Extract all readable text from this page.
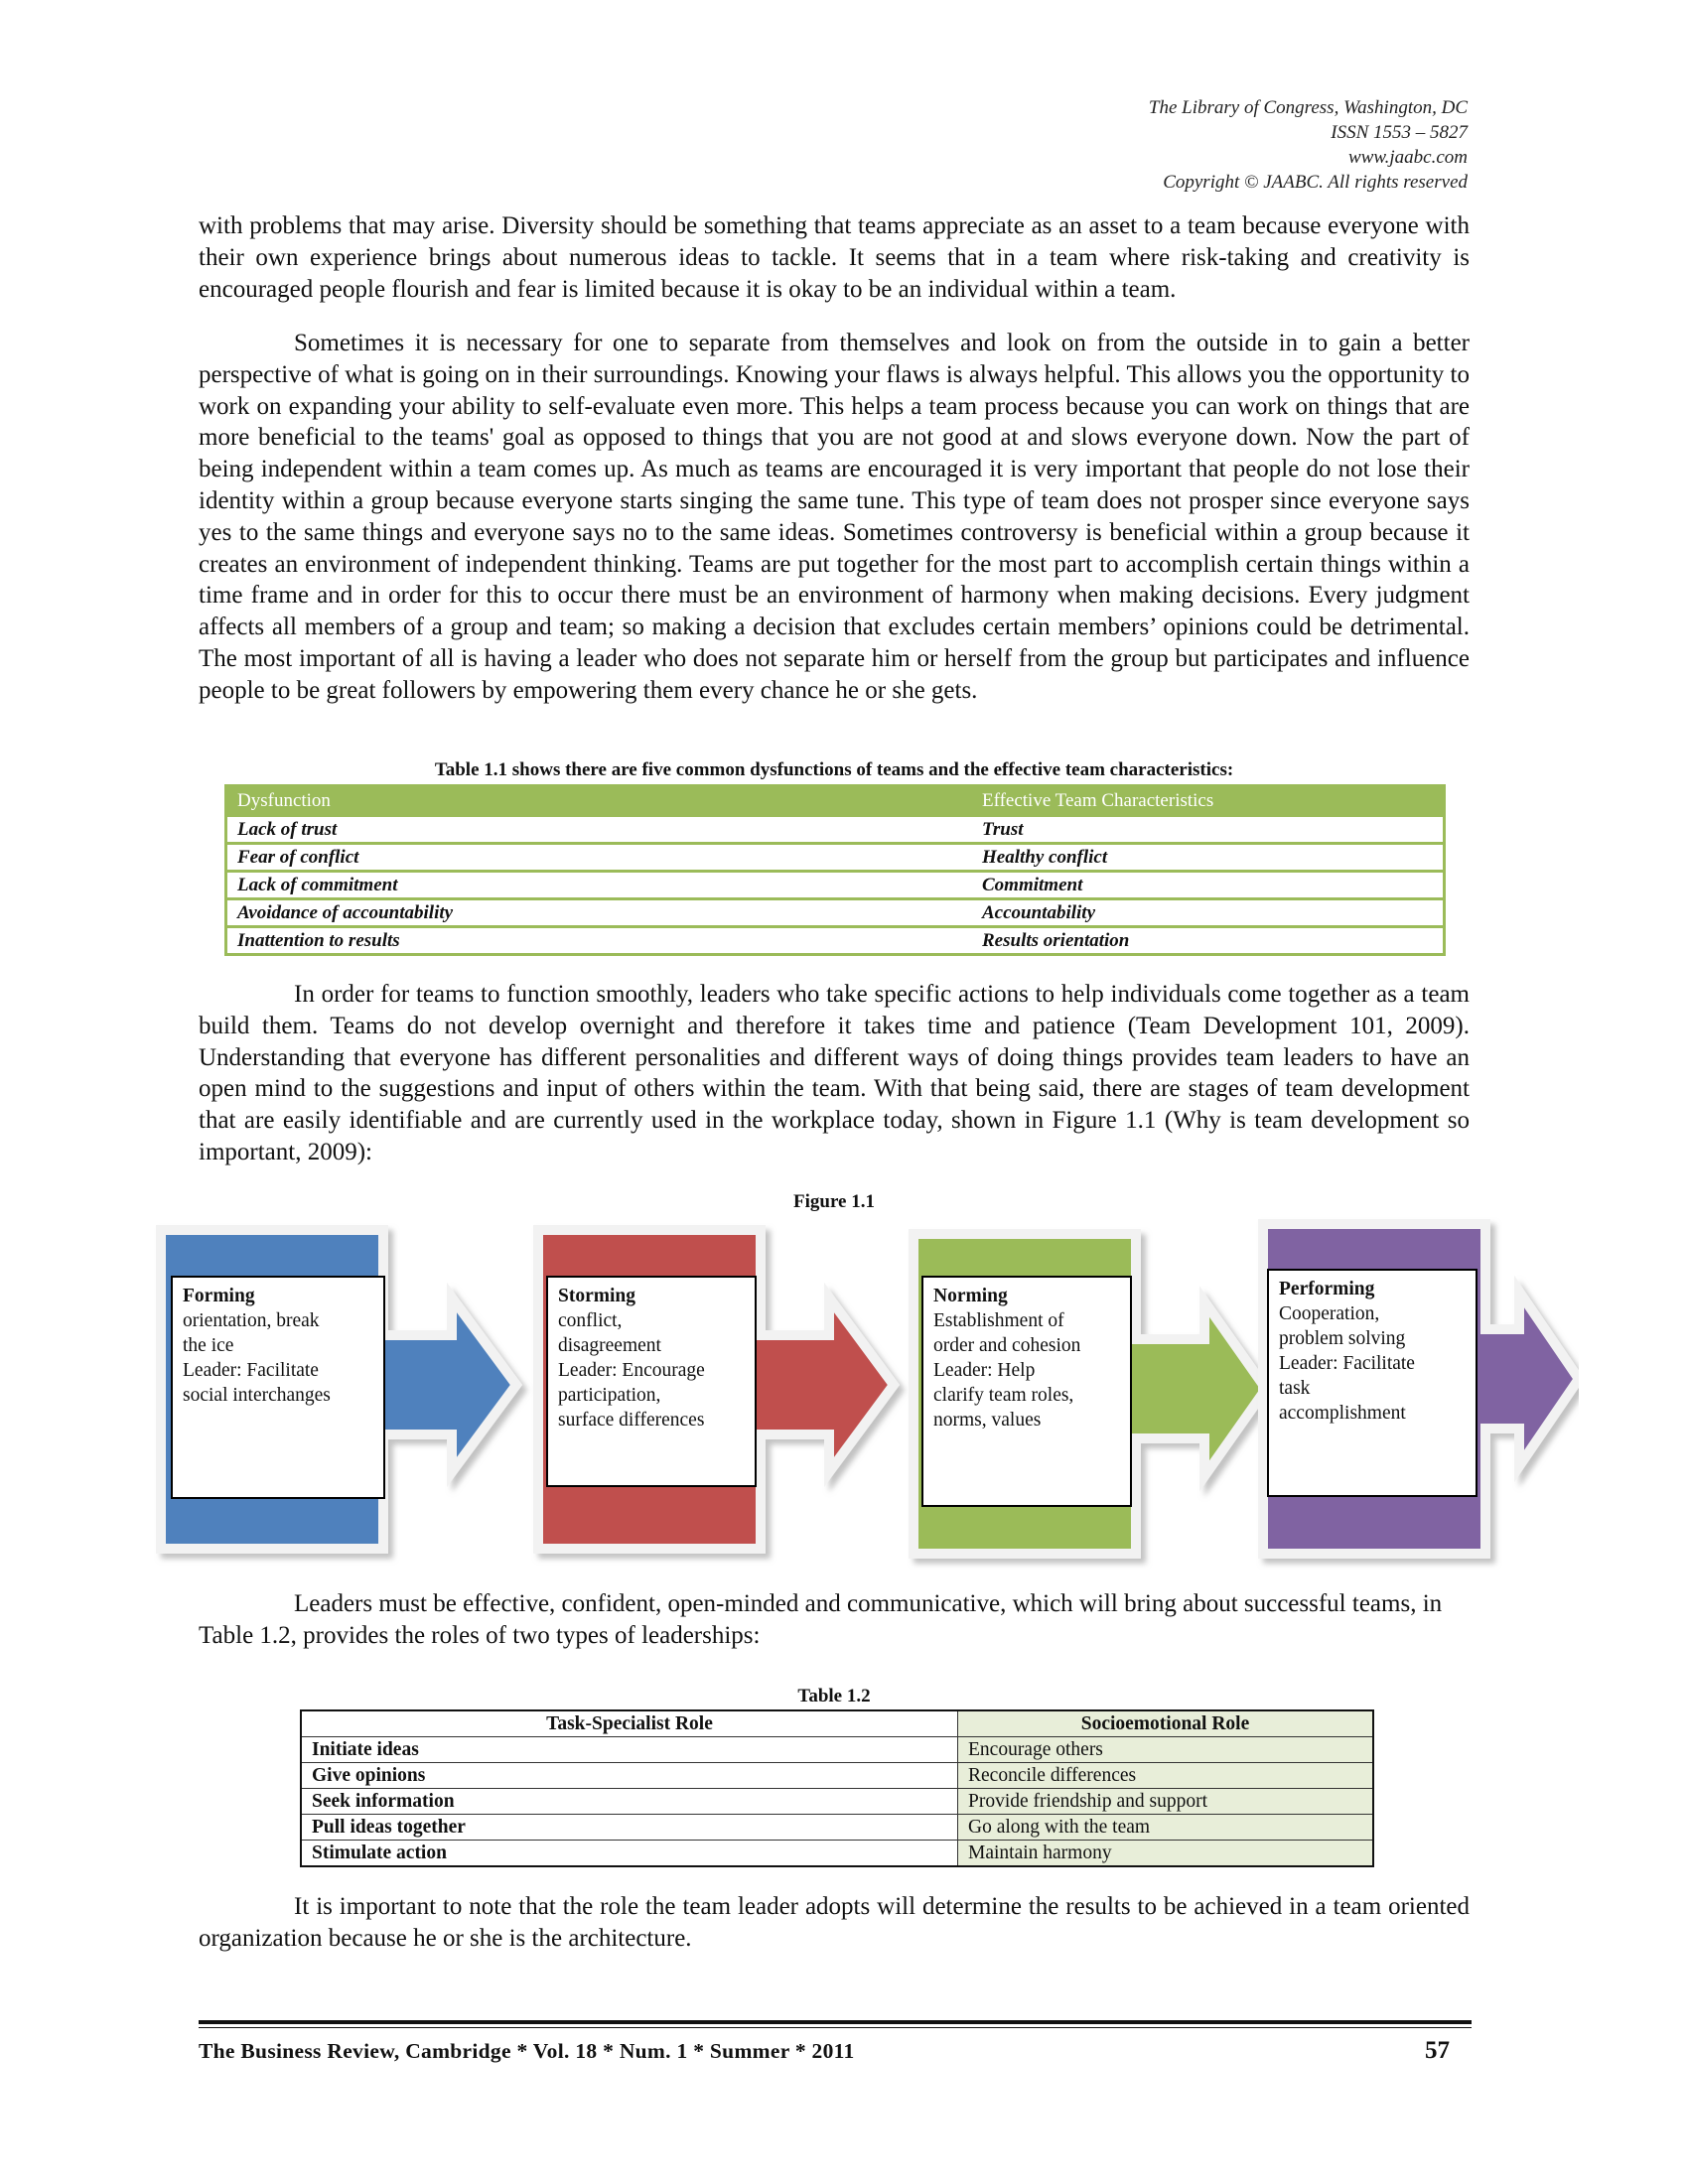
The Library of Congress, Washington, DC
ISSN 1553 – 5827
www.jaabc.com
Copyright © JAABC. All rights reserved

with problems that may arise. Diversity should be something that teams appreciate as an asset to a team because everyone with their own experience brings about numerous ideas to tackle. It seems that in a team where risk-taking and creativity is encouraged people flourish and fear is limited because it is okay to be an individual within a team.

Sometimes it is necessary for one to separate from themselves and look on from the outside in to gain a better perspective of what is going on in their surroundings. Knowing your flaws is always helpful. This allows you the opportunity to work on expanding your ability to self-evaluate even more. This helps a team process because you can work on things that are more beneficial to the teams' goal as opposed to things that you are not good at and slows everyone down. Now the part of being independent within a team comes up. As much as teams are encouraged it is very important that people do not lose their identity within a group because everyone starts singing the same tune. This type of team does not prosper since everyone says yes to the same things and everyone says no to the same ideas. Sometimes controversy is beneficial within a group because it creates an environment of independent thinking. Teams are put together for the most part to accomplish certain things within a time frame and in order for this to occur there must be an environment of harmony when making decisions. Every judgment affects all members of a group and team; so making a decision that excludes certain members’ opinions could be detrimental. The most important of all is having a leader who does not separate him or herself from the group but participates and influence people to be great followers by empowering them every chance he or she gets.

Table 1.1 shows there are five common dysfunctions of teams and the effective team characteristics:
Dysfunction	Effective Team Characteristics
Lack of trust	Trust
Fear of conflict	Healthy conflict
Lack of commitment	Commitment
Avoidance of accountability	Accountability
Inattention to results	Results orientation

In order for teams to function smoothly, leaders who take specific actions to help individuals come together as a team build them. Teams do not develop overnight and therefore it takes time and patience (Team Development 101, 2009). Understanding that everyone has different personalities and different ways of doing things provides team leaders to have an open mind to the suggestions and input of others within the team. With that being said, there are stages of team development that are easily identifiable and are currently used in the workplace today, shown in Figure 1.1 (Why is team development so important, 2009):

Figure 1.1
Forming
orientation, break
the ice
Leader: Facilitate
social interchanges
Storming
conflict,
disagreement
Leader: Encourage
participation,
surface differences
Norming
Establishment of
order and cohesion
Leader: Help
clarify team roles,
norms, values
Performing
Cooperation,
problem solving
Leader: Facilitate
task
accomplishment

Leaders must be effective, confident, open-minded and communicative, which will bring about successful teams, in Table 1.2, provides the roles of two types of leaderships:

Table 1.2
Task-Specialist Role	Socioemotional Role
Initiate ideas	Encourage others
Give opinions	Reconcile differences
Seek information	Provide friendship and support
Pull ideas together	Go along with the team
Stimulate action	Maintain harmony

It is important to note that the role the team leader adopts will determine the results to be achieved in a team oriented organization because he or she is the architecture.

The Business Review, Cambridge * Vol. 18 * Num. 1 * Summer * 2011	57
